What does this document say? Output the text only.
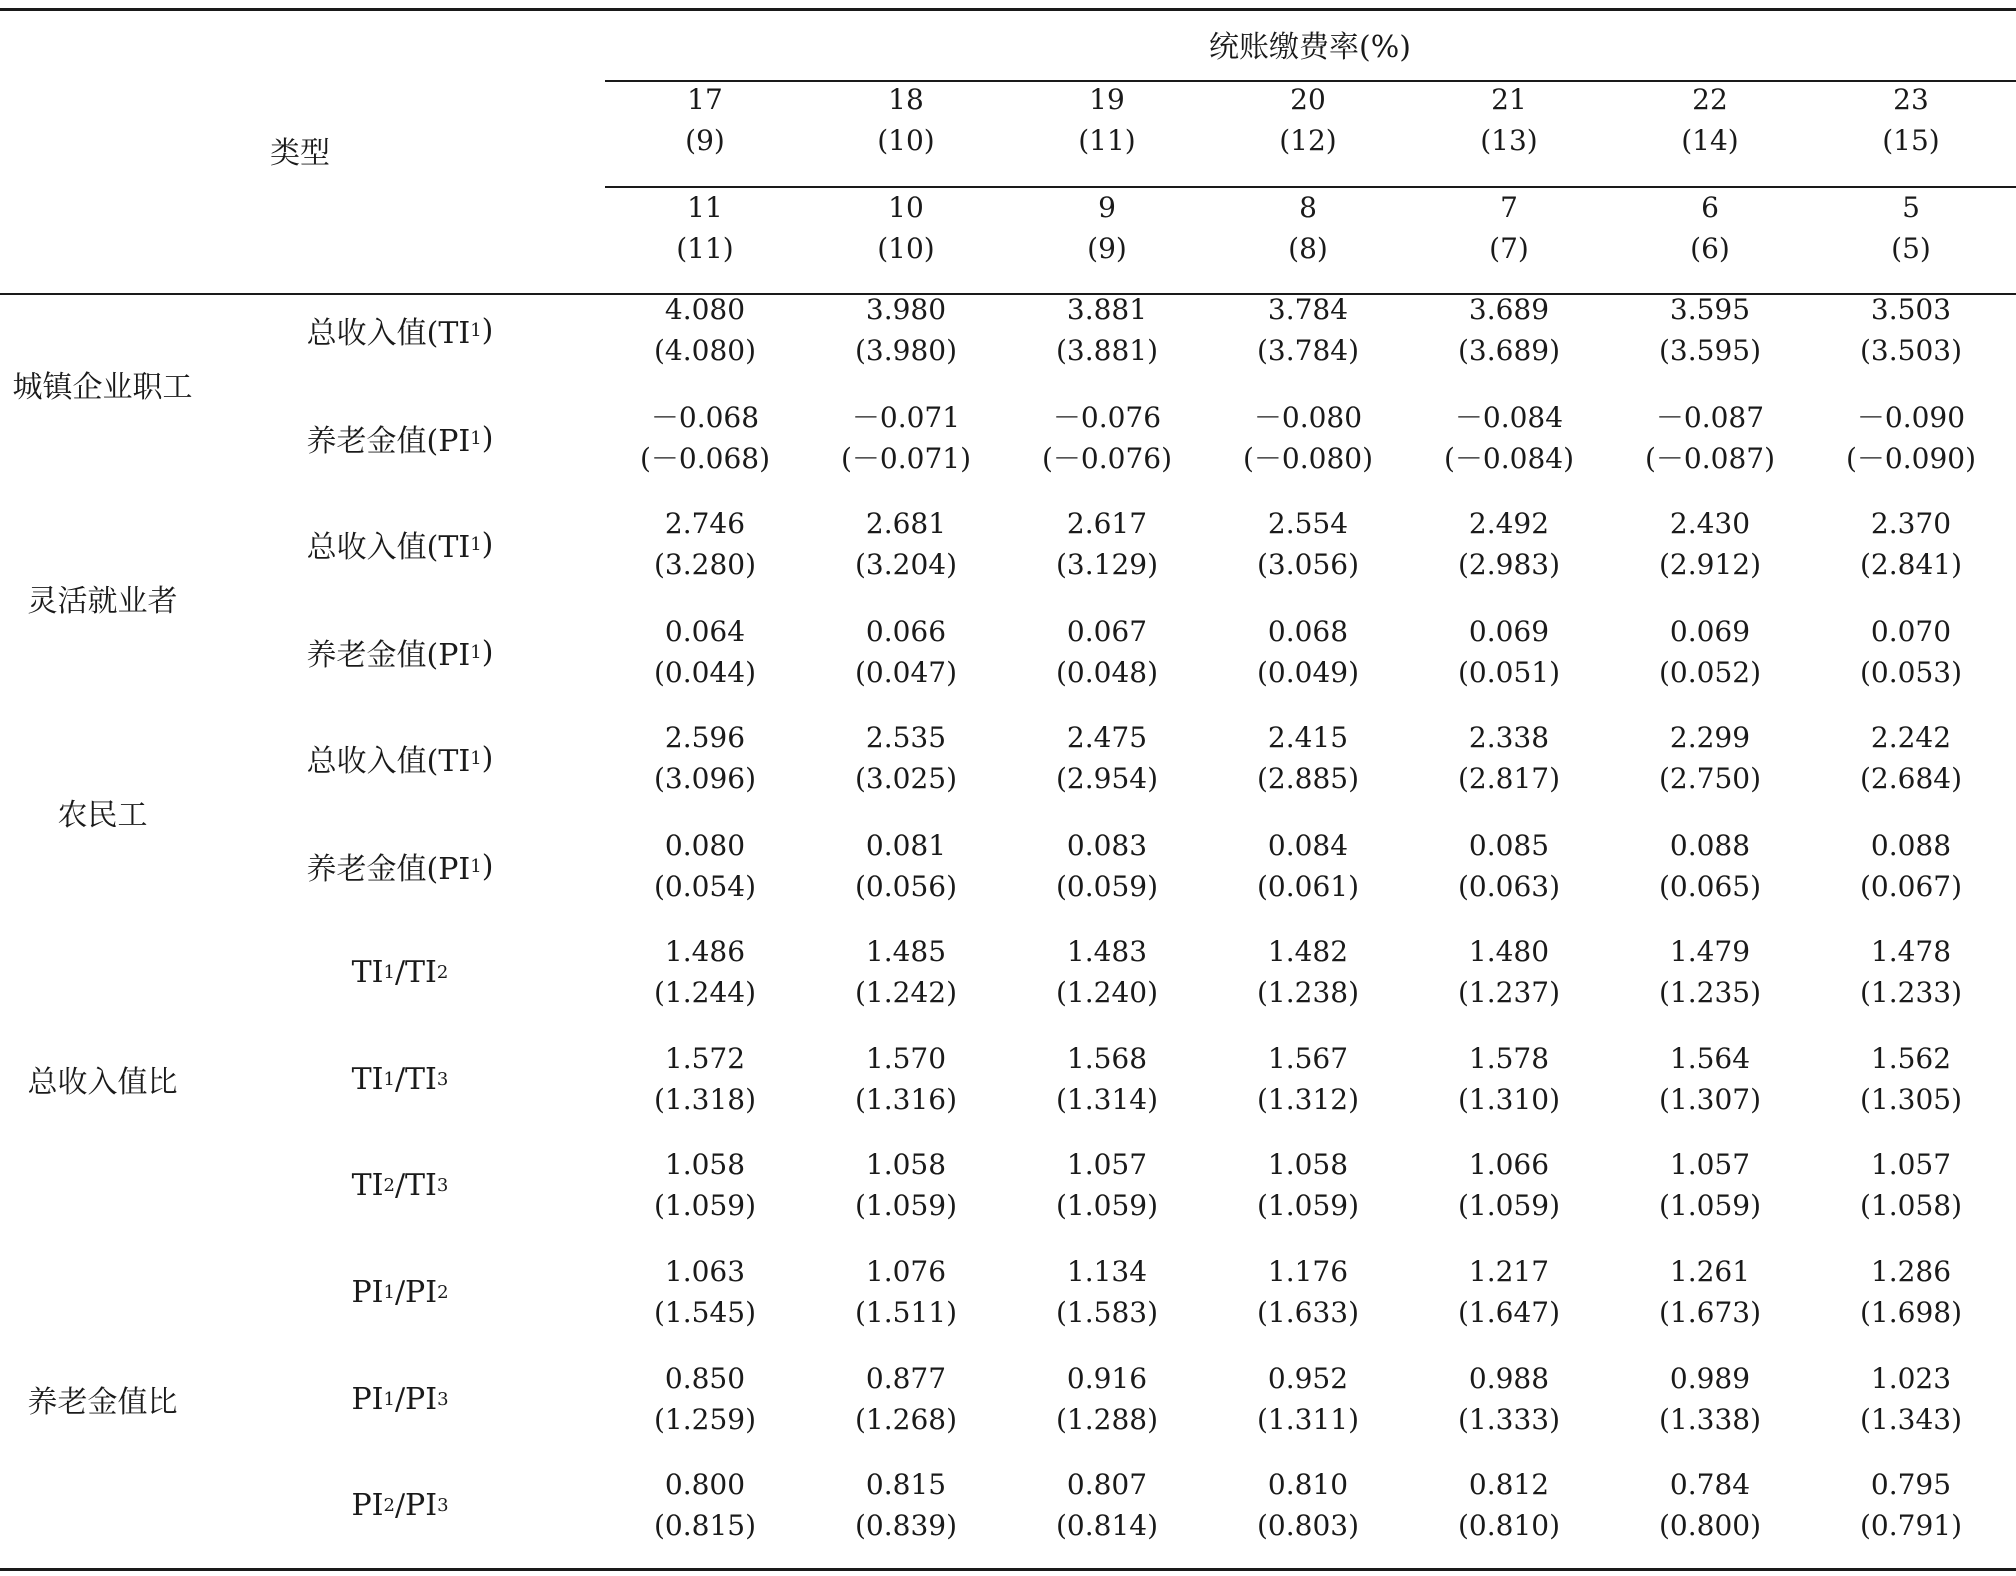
类型
统账缴费率(%)
17
(9)
18
(10)
19
(11)
20
(12)
21
(13)
22
(14)
23
(15)
11
(11)
10
(10)
9
(9)
8
(8)
7
(7)
6
(6)
5
(5)
总收入值(TI 1 )
4.080
(4.080)
3.980
(3.980)
3.881
(3.881)
3.784
(3.784)
3.689
(3.689)
3.595
(3.595)
3.503
(3.503)
养老金值(PI 1 )
－0.068
(－0.068)
－0.071
(－0.071)
－0.076
(－0.076)
－0.080
(－0.080)
－0.084
(－0.084)
－0.087
(－0.087)
－0.090
(－0.090)
城镇企业职工
总收入值(TI 1 )
2.746
(3.280)
2.681
(3.204)
2.617
(3.129)
2.554
(3.056)
2.492
(2.983)
2.430
(2.912)
2.370
(2.841)
养老金值(PI 1 )
0.064
(0.044)
0.066
(0.047)
0.067
(0.048)
0.068
(0.049)
0.069
(0.051)
0.069
(0.052)
0.070
(0.053)
灵活就业者
总收入值(TI 1 )
2.596
(3.096)
2.535
(3.025)
2.475
(2.954)
2.415
(2.885)
2.338
(2.817)
2.299
(2.750)
2.242
(2.684)
养老金值(PI 1 )
0.080
(0.054)
0.081
(0.056)
0.083
(0.059)
0.084
(0.061)
0.085
(0.063)
0.088
(0.065)
0.088
(0.067)
农民工
TI 1 /TI 2
1.486
(1.244)
1.485
(1.242)
1.483
(1.240)
1.482
(1.238)
1.480
(1.237)
1.479
(1.235)
1.478
(1.233)
TI 1 /TI 3
1.572
(1.318)
1.570
(1.316)
1.568
(1.314)
1.567
(1.312)
1.578
(1.310)
1.564
(1.307)
1.562
(1.305)
TI 2 /TI 3
1.058
(1.059)
1.058
(1.059)
1.057
(1.059)
1.058
(1.059)
1.066
(1.059)
1.057
(1.059)
1.057
(1.058)
总收入值比
PI 1 /PI 2
1.063
(1.545)
1.076
(1.511)
1.134
(1.583)
1.176
(1.633)
1.217
(1.647)
1.261
(1.673)
1.286
(1.698)
PI 1 /PI 3
0.850
(1.259)
0.877
(1.268)
0.916
(1.288)
0.952
(1.311)
0.988
(1.333)
0.989
(1.338)
1.023
(1.343)
PI 2 /PI 3
0.800
(0.815)
0.815
(0.839)
0.807
(0.814)
0.810
(0.803)
0.812
(0.810)
0.784
(0.800)
0.795
(0.791)
养老金值比
